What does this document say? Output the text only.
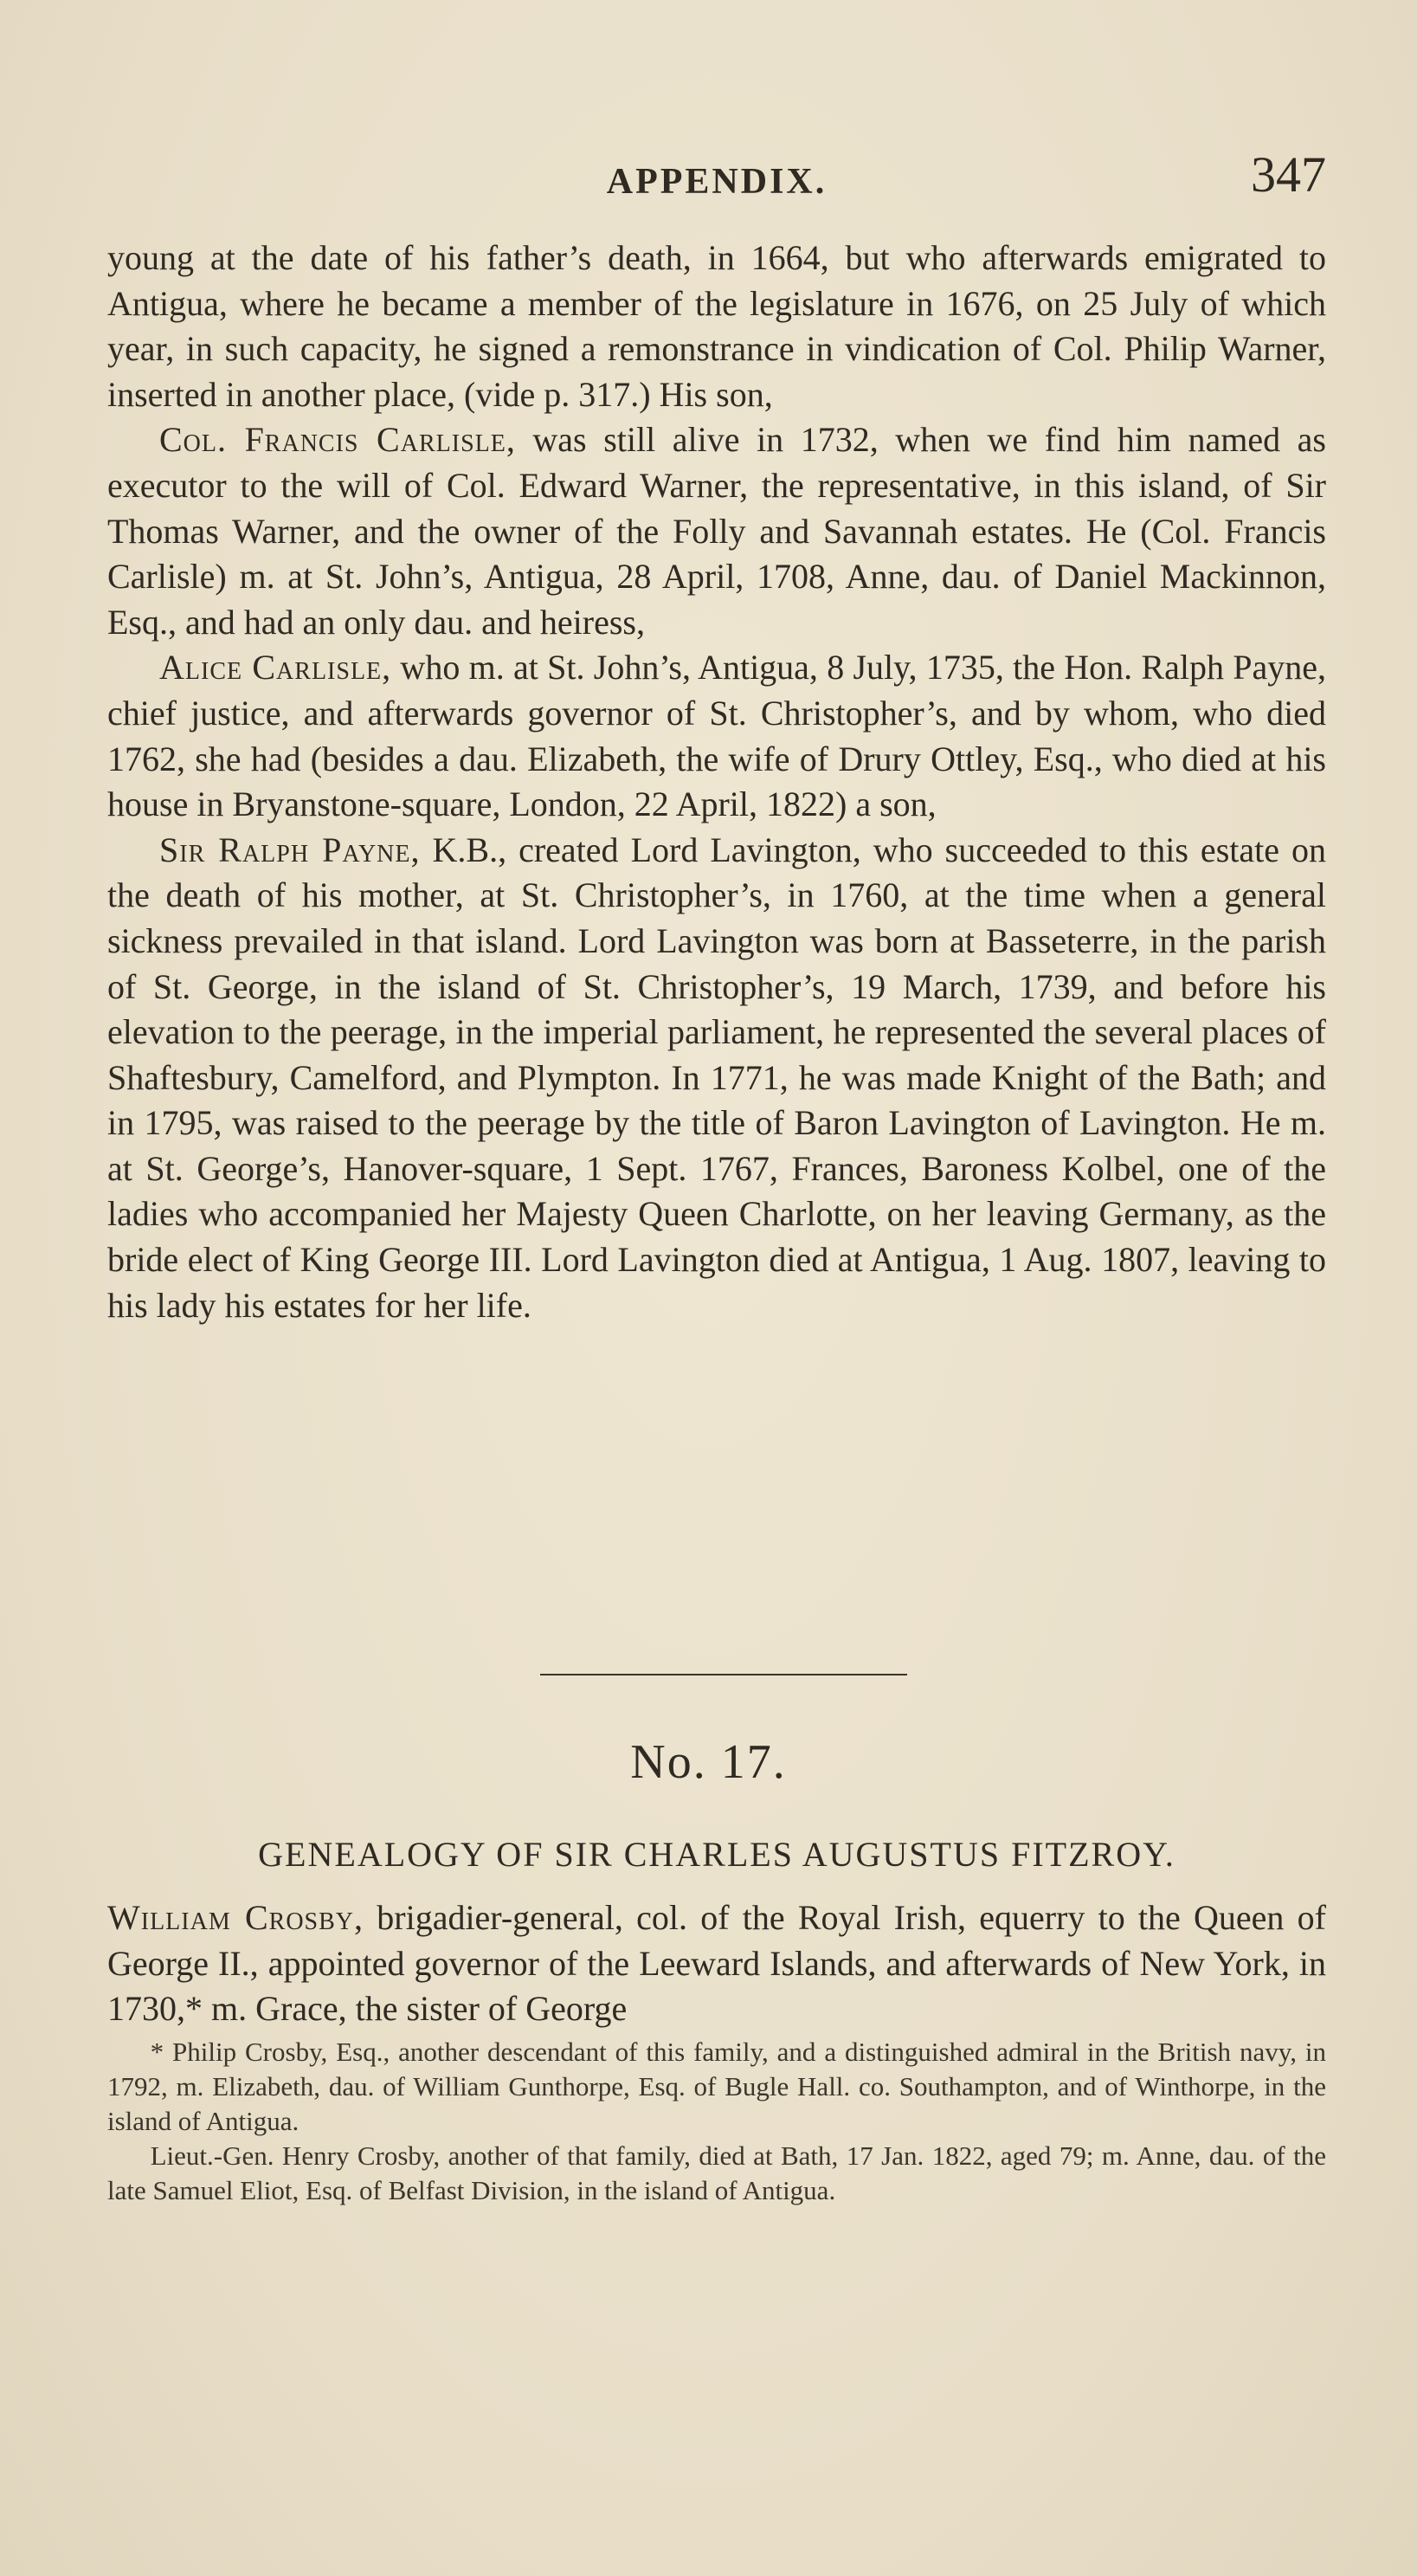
APPENDIX.	347

young at the date of his father’s death, in 1664, but who afterwards emigrated to Antigua, where he became a member of the legislature in 1676, on 25 July of which year, in such capacity, he signed a remonstrance in vindication of Col. Philip Warner, inserted in another place, (vide p. 317.) His son,

Col. Francis Carlisle, was still alive in 1732, when we find him named as executor to the will of Col. Edward Warner, the representative, in this island, of Sir Thomas Warner, and the owner of the Folly and Savannah estates. He (Col. Francis Carlisle) m. at St. John’s, Antigua, 28 April, 1708, Anne, dau. of Daniel Mackinnon, Esq., and had an only dau. and heiress,

Alice Carlisle, who m. at St. John’s, Antigua, 8 July, 1735, the Hon. Ralph Payne, chief justice, and afterwards governor of St. Christopher’s, and by whom, who died 1762, she had (besides a dau. Elizabeth, the wife of Drury Ottley, Esq., who died at his house in Bryanstone-square, London, 22 April, 1822) a son,

Sir Ralph Payne, K.B., created Lord Lavington, who succeeded to this estate on the death of his mother, at St. Christopher’s, in 1760, at the time when a general sickness prevailed in that island. Lord Lavington was born at Basseterre, in the parish of St. George, in the island of St. Christopher’s, 19 March, 1739, and before his elevation to the peerage, in the imperial parliament, he represented the several places of Shaftesbury, Camelford, and Plympton. In 1771, he was made Knight of the Bath; and in 1795, was raised to the peerage by the title of Baron Lavington of Lavington. He m. at St. George’s, Hanover-square, 1 Sept. 1767, Frances, Baroness Kolbel, one of the ladies who accompanied her Majesty Queen Charlotte, on her leaving Germany, as the bride elect of King George III. Lord Lavington died at Antigua, 1 Aug. 1807, leaving to his lady his estates for her life.

No. 17.
GENEALOGY OF SIR CHARLES AUGUSTUS FITZROY.

William Crosby, brigadier-general, col. of the Royal Irish, equerry to the Queen of George II., appointed governor of the Leeward Islands, and afterwards of New York, in 1730,* m. Grace, the sister of George

* Philip Crosby, Esq., another descendant of this family, and a distinguished admiral in the British navy, in 1792, m. Elizabeth, dau. of William Gunthorpe, Esq. of Bugle Hall. co. Southampton, and of Winthorpe, in the island of Antigua.

Lieut.-Gen. Henry Crosby, another of that family, died at Bath, 17 Jan. 1822, aged 79; m. Anne, dau. of the late Samuel Eliot, Esq. of Belfast Division, in the island of Antigua.
